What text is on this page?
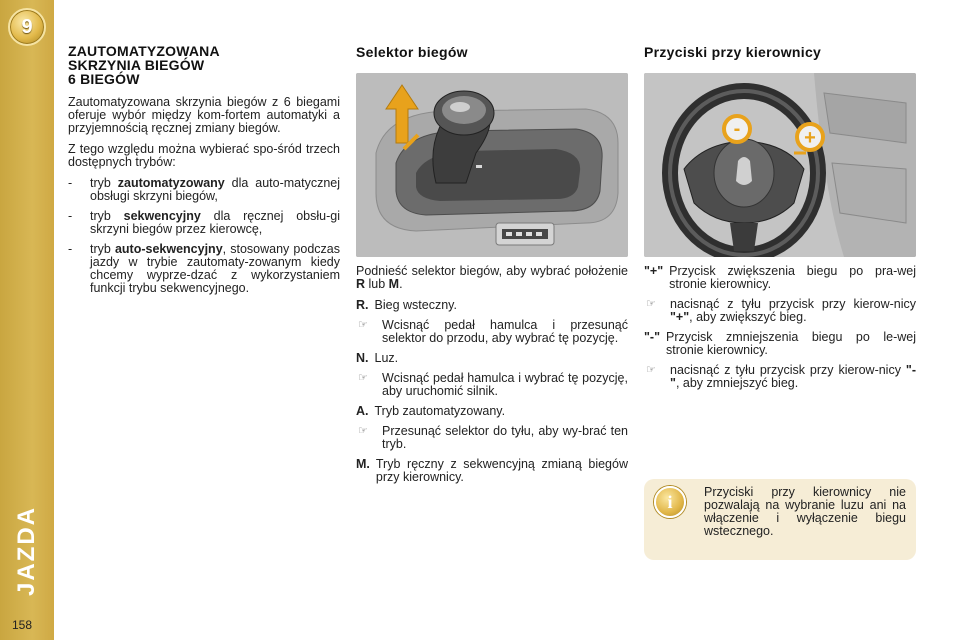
9
JAZDA
158
ZAUTOMATYZOWANA
SKRZYNIA BIEGÓW
6 BIEGÓW

Zautomatyzowana skrzynia biegów z 6 biegami oferuje wybór między kom-fortem automatyki a przyjemnością ręcznej zmiany biegów.

Z tego względu można wybierać spo-śród trzech dostępnych trybów:

-	tryb zautomatyzowany dla auto-matycznej obsługi skrzyni biegów,
-	tryb sekwencyjny dla ręcznej obsłu-gi skrzyni biegów przez kierowcę,
-	tryb auto-sekwencyjny, stosowany podczas jazdy w trybie zautomaty-zowanym kiedy chcemy wyprze-dzać z wykorzystaniem funkcji trybu sekwencyjnego.
Selektor biegów

Podnieść selektor biegów, aby wybrać położenie R lub M.

R. Bieg wsteczny.
☞	Wcisnąć pedał hamulca i przesunąć selektor do przodu, aby wybrać tę pozycję.
N. Luz.
☞	Wcisnąć pedał hamulca i wybrać tę pozycję, aby uruchomić silnik.
A. Tryb zautomatyzowany.
☞	Przesunąć selektor do tyłu, aby wy-brać ten tryb.
M. Tryb ręczny z sekwencyjną zmianą biegów przy kierownicy.
Przyciski przy kierownicy
-	+
"+" Przycisk zwiększenia biegu po pra-wej stronie kierownicy.
☞	nacisnąć z tyłu przycisk przy kierow-nicy "+", aby zwiększyć bieg.
"-" Przycisk zmniejszenia biegu po le-wej stronie kierownicy.
☞	nacisnąć z tyłu przycisk przy kierow-nicy "-", aby zmniejszyć bieg.
i	Przyciski przy kierownicy nie pozwalają na wybranie luzu ani na włączenie i wyłączenie biegu wstecznego.
